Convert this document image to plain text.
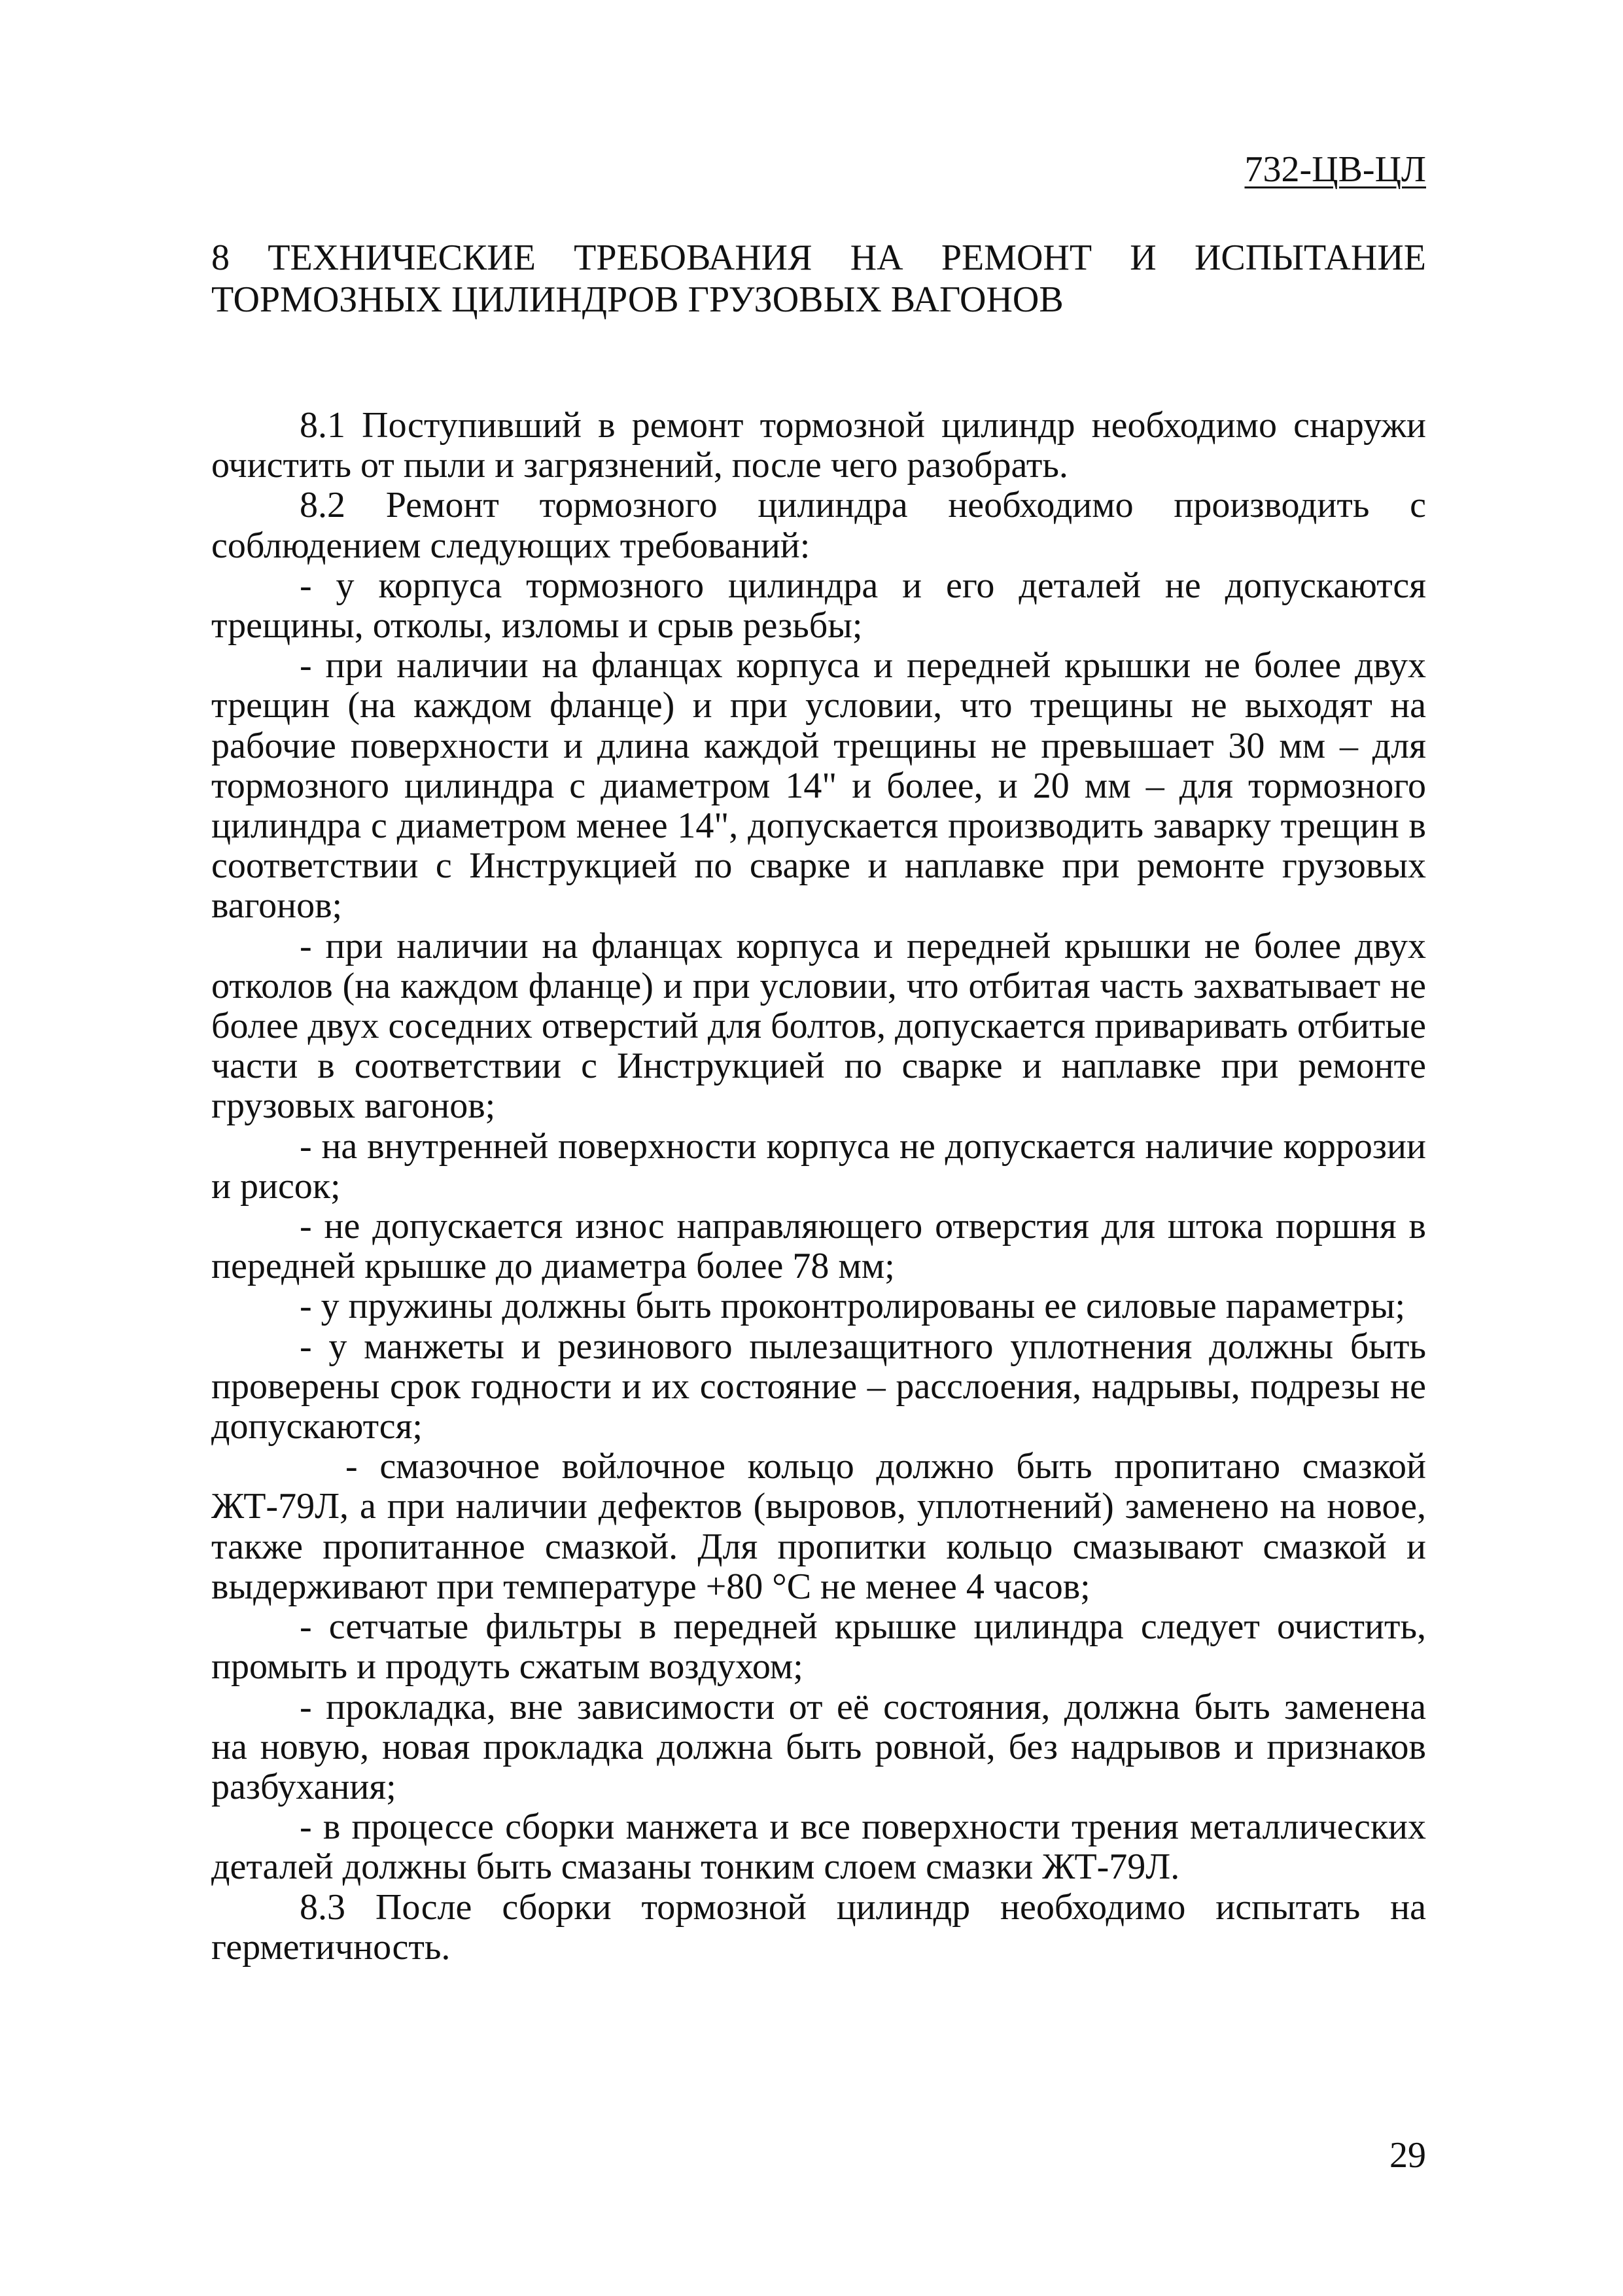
732-ЦВ-ЦЛ
8 ТЕХНИЧЕСКИЕ ТРЕБОВАНИЯ НА РЕМОНТ И ИСПЫТАНИЕ
ТОРМОЗНЫХ ЦИЛИНДРОВ ГРУЗОВЫХ ВАГОНОВ

8.1 Поступивший в ремонт тормозной цилиндр необходимо снаружи очистить от пыли и загрязнений, после чего разобрать.

8.2 Ремонт тормозного цилиндра необходимо производить с соблюдением следующих требований:

- у корпуса тормозного цилиндра и его деталей не допускаются трещины, отколы, изломы и срыв резьбы;

- при наличии на фланцах корпуса и передней крышки не более двух трещин (на каждом фланце) и при условии, что трещины не выходят на рабочие поверхности и длина каждой трещины не превышает 30 мм – для тормозного цилиндра с диаметром 14" и более, и 20 мм – для тормозного цилиндра с диаметром менее 14", допускается производить заварку трещин в соответствии с Инструкцией по сварке и наплавке при ремонте грузовых вагонов;

- при наличии на фланцах корпуса и передней крышки не более двух отколов (на каждом фланце) и при условии, что отбитая часть захватывает не более двух соседних отверстий для болтов, допускается приваривать отбитые части в соответствии с Инструкцией по сварке и наплавке при ремонте грузовых вагонов;

- на внутренней поверхности корпуса не допускается наличие коррозии и рисок;

- не допускается износ направляющего отверстия для штока поршня в передней крышке до диаметра более 78 мм;

- у пружины должны быть проконтролированы ее силовые параметры;

- у манжеты и резинового пылезащитного уплотнения должны быть проверены срок годности и их состояние – расслоения, надрывы, подрезы не допускаются;

- смазочное войлочное кольцо должно быть пропитано смазкой ЖТ-79Л, а при наличии дефектов (выровов, уплотнений) заменено на новое, также пропитанное смазкой. Для пропитки кольцо смазывают смазкой и выдерживают при температуре +80 °С не менее 4 часов;

- сетчатые фильтры в передней крышке цилиндра следует очистить, промыть и продуть сжатым воздухом;

- прокладка, вне зависимости от её состояния, должна быть заменена на новую, новая прокладка должна быть ровной, без надрывов и признаков разбухания;

- в процессе сборки манжета и все поверхности трения металлических деталей должны быть смазаны тонким слоем смазки ЖТ-79Л.

8.3 После сборки тормозной цилиндр необходимо испытать на герметичность.

29
